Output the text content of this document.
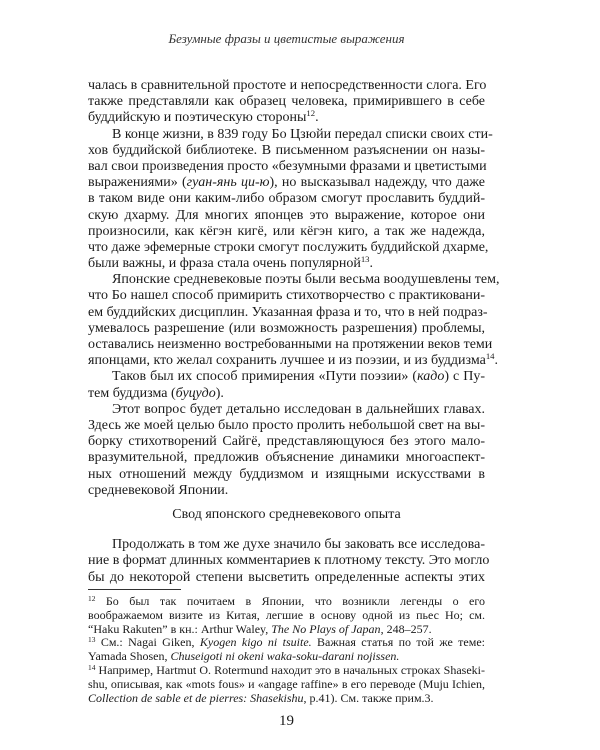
Безумные фразы и цветистые выражения
чалась в сравнительной простоте и непосредственности слога. Его
также представляли как образец человека, примирившего в себе
буддийскую и поэтическую стороны$^{12}$.
В конце жизни, в 839 году Бо Цзюйи передал списки своих сти-
хов буддийской библиотеке. В письменном разъяснении он назы-
вал свои произведения просто «безумными фразами и цветистыми
выражениями» (гуан-янь ци-ю), но высказывал надежду, что даже
в таком виде они каким-либо образом смогут прославить буддий-
скую дхарму. Для многих японцев это выражение, которое они
произносили, как кёгэн кигё, или кёгэн киго, а так же надежда,
что даже эфемерные строки смогут послужить буддийской дхарме,
были важны, и фраза стала очень популярной$^{13}$.
Японские средневековые поэты были весьма воодушевлены тем,
что Бо нашел способ примирить стихотворчество с практиковани-
ем буддийских дисциплин. Указанная фраза и то, что в ней подраз-
умевалось разрешение (или возможность разрешения) проблемы,
оставались неизменно востребованными на протяжении веков теми
японцами, кто желал сохранить лучшее и из поэзии, и из буддизма$^{14}$.
Таков был их способ примирения «Пути поэзии» (кадо) с Пу-
тем буддизма (буцудо).
Этот вопрос будет детально исследован в дальнейших главах.
Здесь же моей целью было просто пролить небольшой свет на вы-
борку стихотворений Сайгё, представляющуюся без этого мало-
вразумительной, предложив объяснение динамики многоаспект-
ных отношений между буддизмом и изящными искусствами в
средневековой Японии.
Свод японского средневекового опыта
Продолжать в том же духе значило бы заковать все исследова-
ние в формат длинных комментариев к плотному тексту. Это могло
бы до некоторой степени высветить определенные аспекты этих
$^{12}$ Бо был так почитаем в Японии, что возникли легенды о его
воображаемом визите из Китая, легшие в основу одной из пьес Но; см.
“Haku Rakuten” в кн.: Arthur Waley, The No Plays of Japan, 248–257.
$^{13}$ См.: Nagai Giken, Kyogen kigo ni tsuite. Важная статья по той же теме:
Yamada Shosen, Chuseigoti ni okeni waka-soku-darani nojissen.
$^{14}$ Например, Hartmut O. Rotermund находит это в начальных строках Shaseki-
shu, описывая, как «mots fous» и «angage raffine» в его переводе (Muju Ichien,
Collection de sable et de pierres: Shasekishu, p.41). См. также прим.3.
19
